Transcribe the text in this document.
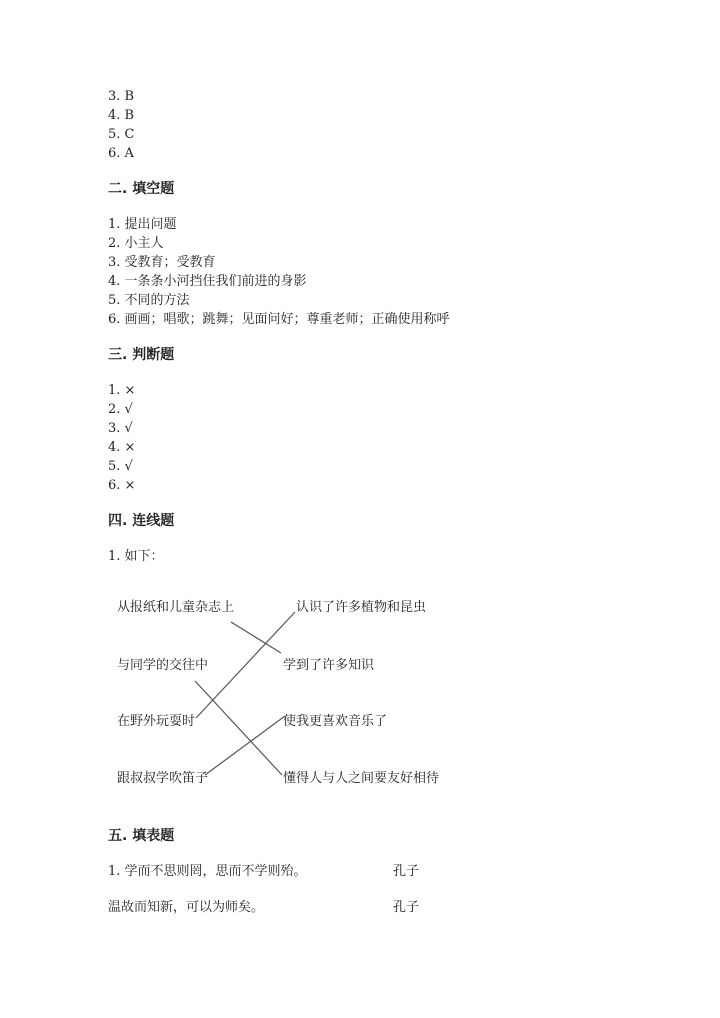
3. B
4. B
5. C
6. A
二. 填空题
1. 提出问题
2. 小主人
3. 受教育；受教育
4. 一条条小河挡住我们前进的身影
5. 不同的方法
6. 画画；唱歌；跳舞；见面问好；尊重老师；正确使用称呼
三. 判断题
1. ×
2. √
3. √
4. ×
5. √
6. ×
四. 连线题
1. 如下：
从报纸和儿童杂志上
与同学的交往中
在野外玩耍时
跟叔叔学吹笛子
认识了许多植物和昆虫
学到了许多知识
使我更喜欢音乐了
懂得人与人之间要友好相待
五. 填表题
1. 学而不思则罔，思而不学则殆。	孔子
温故而知新，可以为师矣。	孔子
